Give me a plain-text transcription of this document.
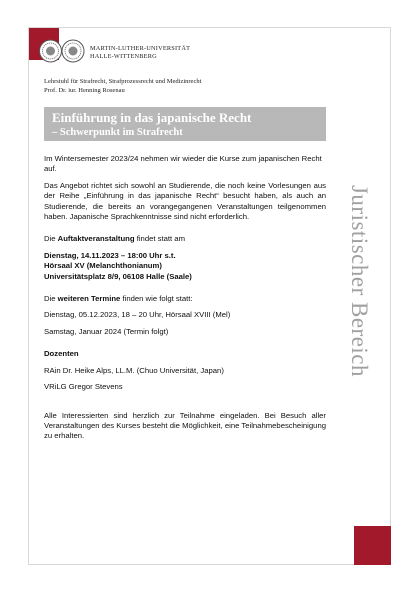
MARTIN-LUTHER-UNIVERSITÄT
HALLE-WITTENBERG
Lehrstuhl für Strafrecht, Strafprozessrecht und Medizinrecht
Prof. Dr. iur. Henning Rosenau
Einführung in das japanische Recht
– Schwerpunkt im Strafrecht
Juristischer Bereich

Im Wintersemester 2023/24 nehmen wir wieder die Kurse zum japanischen Recht auf.

Das Angebot richtet sich sowohl an Studierende, die noch keine Vorlesungen aus der Reihe „Einführung in das japanische Recht“ besucht haben, als auch an Studierende, die bereits an vorangegangenen Veranstaltungen teilgenommen haben. Japanische Sprachkenntnisse sind nicht erforderlich.

Die Auftaktveranstaltung findet statt am

Dienstag, 14.11.2023 – 18:00 Uhr s.t.

Hörsaal XV (Melanchthonianum)

Universitätsplatz 8/9, 06108 Halle (Saale)

Die weiteren Termine finden wie folgt statt:

Dienstag, 05.12.2023, 18 – 20 Uhr, Hörsaal XVIII (Mel)

Samstag, Januar 2024 (Termin folgt)

Dozenten

RAin Dr. Heike Alps, LL.M. (Chuo Universität, Japan)

VRiLG Gregor Stevens

Alle Interessierten sind herzlich zur Teilnahme eingeladen. Bei Besuch aller Veranstaltungen des Kurses besteht die Möglichkeit, eine Teilnahmebescheinigung zu erhalten.
